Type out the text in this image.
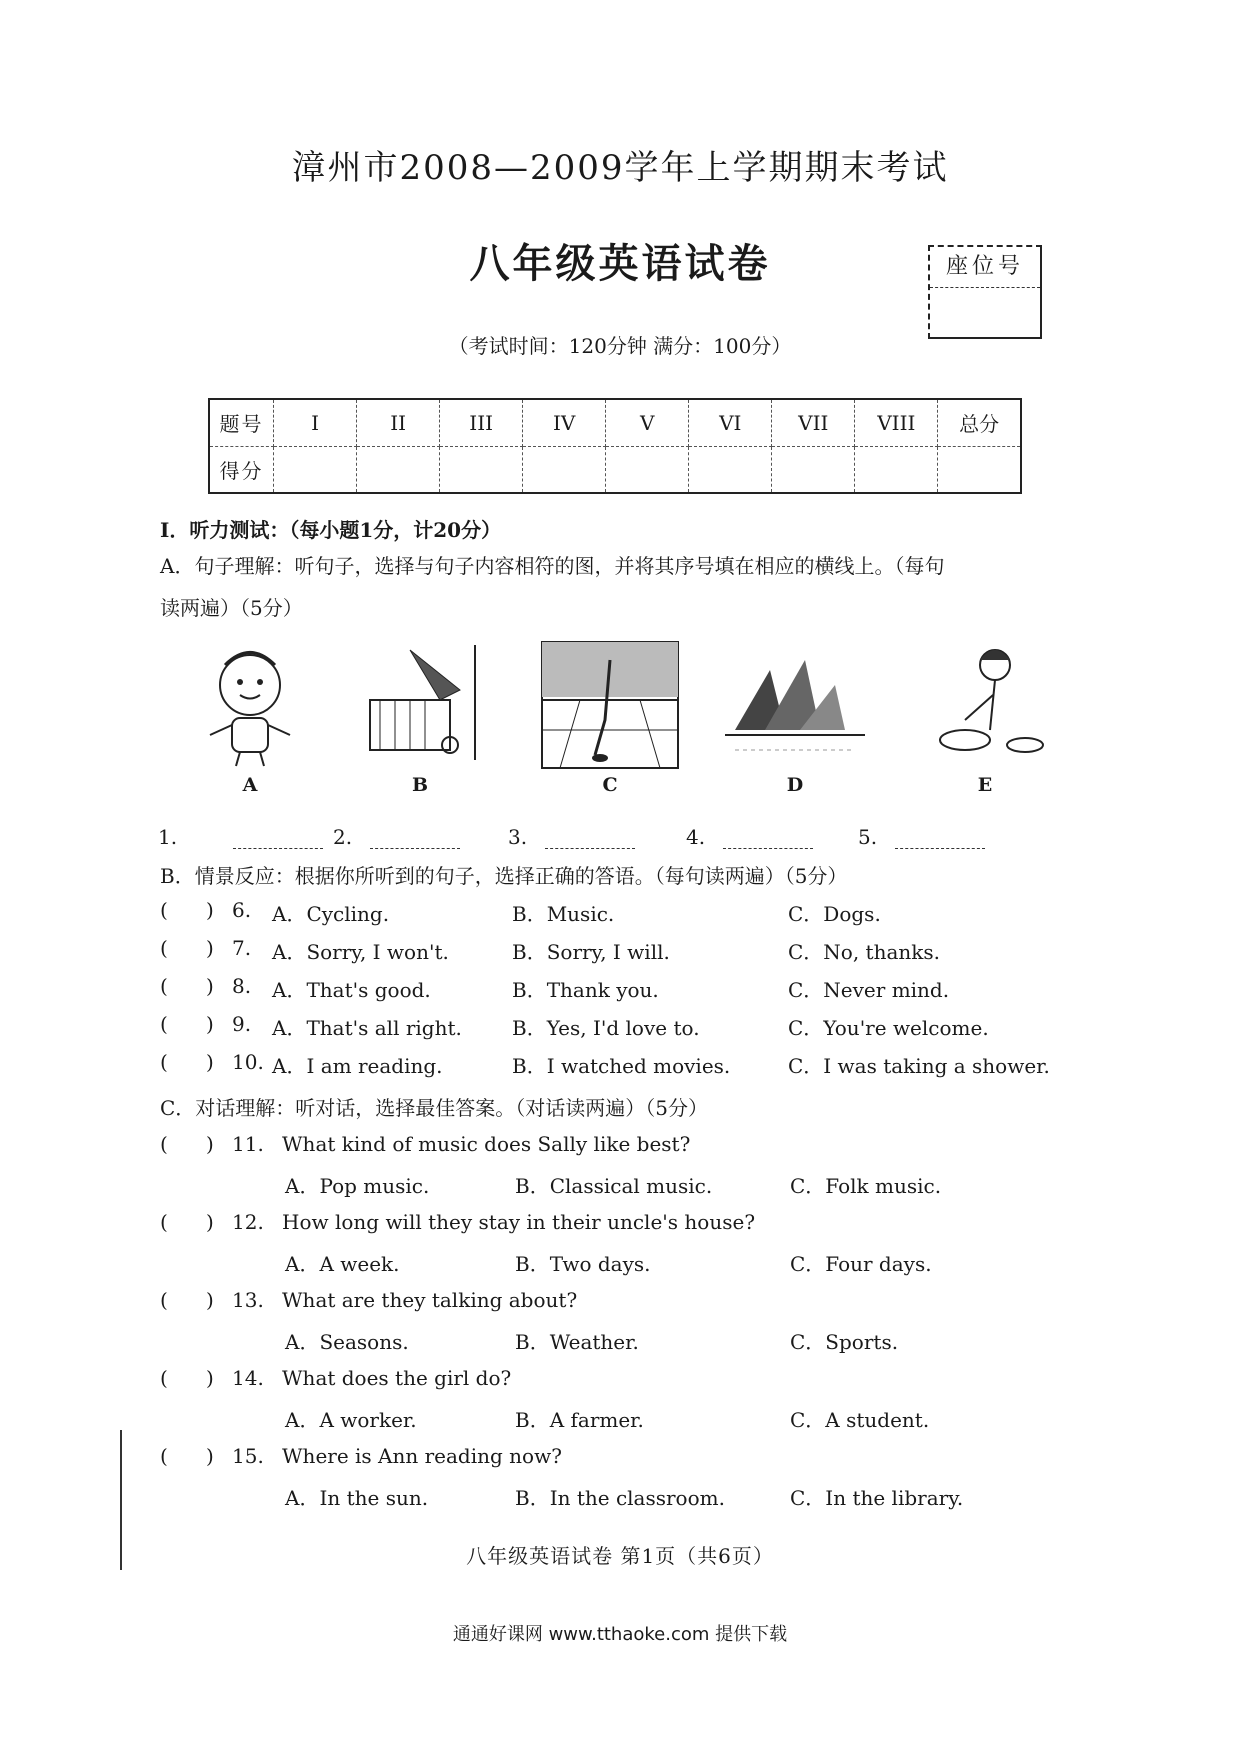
漳州市2008—2009学年上学期期末考试
八年级英语试卷	座位号
（考试时间：120分钟 满分：100分）
题号	I	II	III	IV	V	VI	VII	VIII	总分
得分									
Ⅰ．听力测试：（每小题1分，计20分）
A．句子理解：听句子，选择与句子内容相符的图，并将其序号填在相应的横线上。（每句
读两遍）（5分）
A	B	C	D	E
1.	2.	3.	4.	5.
B．情景反应：根据你所听到的句子，选择正确的答语。（每句读两遍）（5分）
(      ) 6. A．Cycling.	B．Music.	C．Dogs.
(      ) 7. A．Sorry, I won't.	B．Sorry, I will.	C．No, thanks.
(      ) 8. A．That's good.	B．Thank you.	C．Never mind.
(      ) 9. A．That's all right.	B．Yes, I'd love to.	C．You're welcome.
(      ) 10. A．I am reading.	B．I watched movies.	C．I was taking a shower.
C．对话理解：听对话，选择最佳答案。（对话读两遍）（5分）
(      ) 11. What kind of music does Sally like best?
A．Pop music.	B．Classical music.	C．Folk music.
(      ) 12. How long will they stay in their uncle's house?
A．A week.	B．Two days.	C．Four days.
(      ) 13. What are they talking about?
A．Seasons.	B．Weather.	C．Sports.
(      ) 14. What does the girl do?
A．A worker.	B．A farmer.	C．A student.
(      ) 15. Where is Ann reading now?
A．In the sun.	B．In the classroom.	C．In the library.
八年级英语试卷 第1页（共6页）
通通好课网 www.tthaoke.com 提供下载
